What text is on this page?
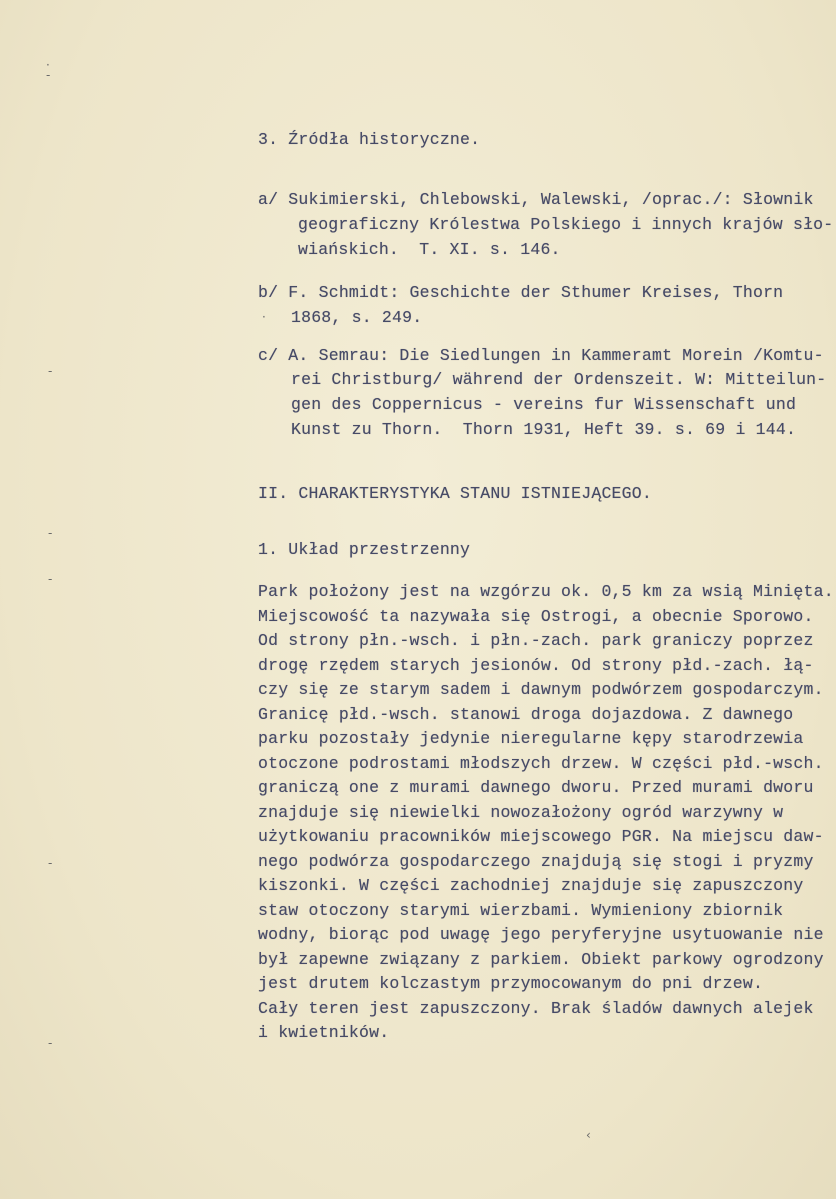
·
-
-
-
-
-
-
·
‹
3. Źródła historyczne.

a/ Sukimierski, Chlebowski, Walewski, /oprac./: Słownik

geograficzny Królestwa Polskiego i innych krajów sło-

wiańskich.  T. XI. s. 146.

b/ F. Schmidt: Geschichte der Sthumer Kreises, Thorn

1868, s. 249.

c/ A. Semrau: Die Siedlungen in Kammeramt Morein /Komtu-

rei Christburg/ während der Ordenszeit. W: Mitteilun-

gen des Coppernicus - vereins fur Wissenschaft und

Kunst zu Thorn.  Thorn 1931, Heft 39. s. 69 i 144.

II. CHARAKTERYSTYKA STANU ISTNIEJĄCEGO.
1. Układ przestrzenny

Park położony jest na wzgórzu ok. 0,5 km za wsią Minięta.

Miejscowość ta nazywała się Ostrogi, a obecnie Sporowo.

Od strony płn.-wsch. i płn.-zach. park graniczy poprzez

drogę rzędem starych jesionów. Od strony płd.-zach. łą-

czy się ze starym sadem i dawnym podwórzem gospodarczym.

Granicę płd.-wsch. stanowi droga dojazdowa. Z dawnego

parku pozostały jedynie nieregularne kępy starodrzewia

otoczone podrostami młodszych drzew. W części płd.-wsch.

graniczą one z murami dawnego dworu. Przed murami dworu

znajduje się niewielki nowozałożony ogród warzywny w

użytkowaniu pracowników miejscowego PGR. Na miejscu daw-

nego podwórza gospodarczego znajdują się stogi i pryzmy

kiszonki. W części zachodniej znajduje się zapuszczony

staw otoczony starymi wierzbami. Wymieniony zbiornik

wodny, biorąc pod uwagę jego peryferyjne usytuowanie nie

był zapewne związany z parkiem. Obiekt parkowy ogrodzony

jest drutem kolczastym przymocowanym do pni drzew.

Cały teren jest zapuszczony. Brak śladów dawnych alejek

i kwietników.
